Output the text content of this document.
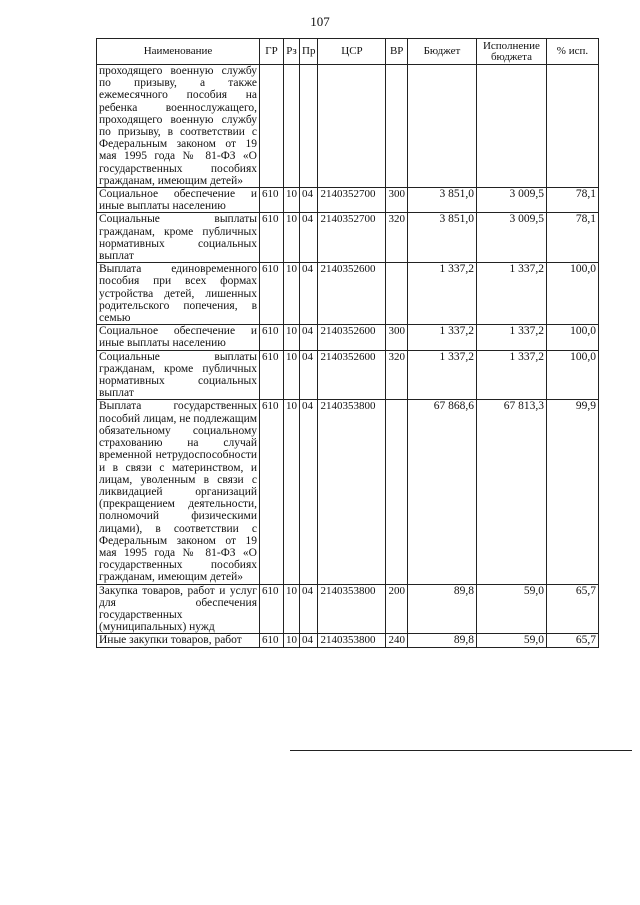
107
Наименование	ГР	Рз	Пр	ЦСР	ВР	Бюджет	Исполнение бюджета	% исп.
проходящего военную службу по призыву, а также ежемесячного пособия на ребенка военнослужащего, проходящего военную службу по призыву, в соответствии с Федеральным законом от 19 мая 1995 года № 81-ФЗ «О государственных пособиях гражданам, имеющим детей»								
Социальное обеспечение и иные выплаты населению	610	10	04	2140352700	300	3 851,0	3 009,5	78,1
Социальные выплаты гражданам, кроме публичных нормативных социальных выплат	610	10	04	2140352700	320	3 851,0	3 009,5	78,1
Выплата единовременного пособия при всех формах устройства детей, лишенных родительского попечения, в семью	610	10	04	2140352600		1 337,2	1 337,2	100,0
Социальное обеспечение и иные выплаты населению	610	10	04	2140352600	300	1 337,2	1 337,2	100,0
Социальные выплаты гражданам, кроме публичных нормативных социальных выплат	610	10	04	2140352600	320	1 337,2	1 337,2	100,0
Выплата государственных пособий лицам, не подлежащим обязательному социальному страхованию на случай временной нетрудоспособности и в связи с материнством, и лицам, уволенным в связи с ликвидацией организаций (прекращением деятельности, полномочий физическими лицами), в соответствии с Федеральным законом от 19 мая 1995 года № 81-ФЗ «О государственных пособиях гражданам, имеющим детей»	610	10	04	2140353800		67 868,6	67 813,3	99,9
Закупка товаров, работ и услуг для обеспечения государственных (муниципальных) нужд	610	10	04	2140353800	200	89,8	59,0	65,7
Иные закупки товаров, работ	610	10	04	2140353800	240	89,8	59,0	65,7
